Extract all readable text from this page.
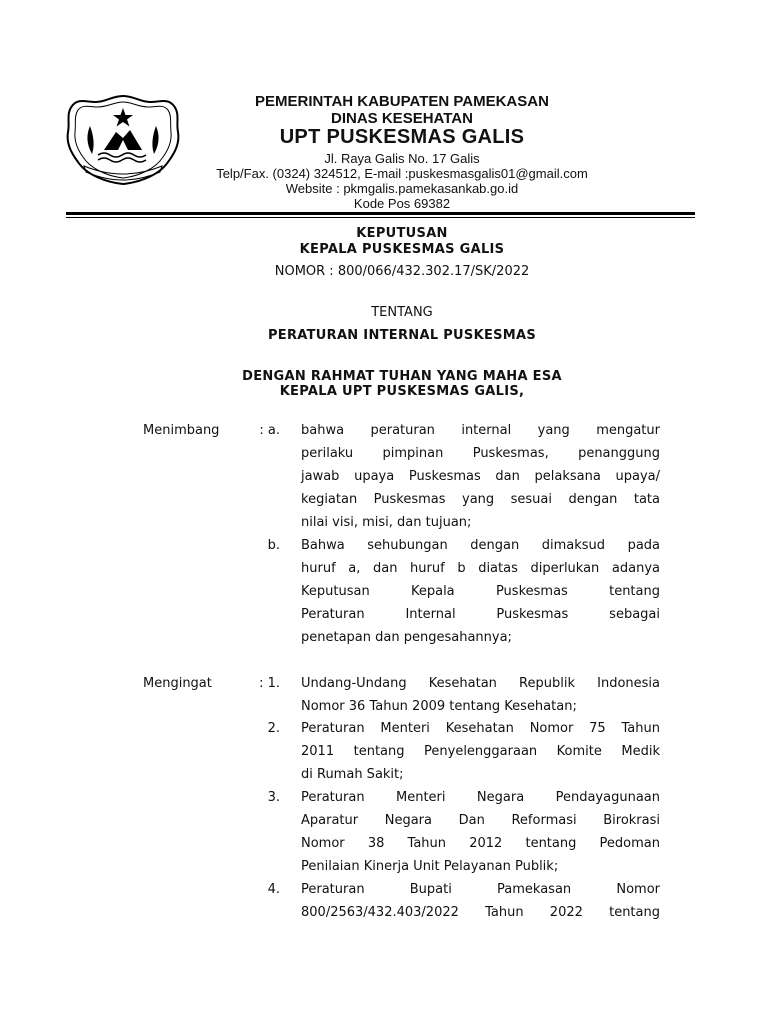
PEMERINTAH KABUPATEN PAMEKASAN
DINAS KESEHATAN
UPT PUSKESMAS GALIS
Jl. Raya Galis No. 17 Galis
Telp/Fax. (0324) 324512, E-mail :puskesmasgalis01@gmail.com
Website : pkmgalis.pamekasankab.go.id
Kode Pos 69382
KEPUTUSAN
KEPALA PUSKESMAS GALIS
NOMOR : 800/066/432.302.17/SK/2022
TENTANG
PERATURAN INTERNAL PUSKESMAS
DENGAN RAHMAT TUHAN YANG MAHA ESA
KEPALA UPT PUSKESMAS GALIS,
Menimbang	: a. bahwa peraturan internal yang mengatur
perilaku pimpinan Puskesmas, penanggung
jawab upaya Puskesmas dan pelaksana upaya/
kegiatan Puskesmas yang sesuai dengan tata
nilai visi, misi, dan tujuan;
b. Bahwa sehubungan dengan dimaksud pada
huruf a, dan huruf b diatas diperlukan adanya
Keputusan Kepala Puskesmas tentang
Peraturan Internal Puskesmas sebagai
penetapan dan pengesahannya;
Mengingat	: 1. Undang-Undang Kesehatan Republik Indonesia
Nomor 36 Tahun 2009 tentang Kesehatan;
2. Peraturan Menteri Kesehatan Nomor 75 Tahun
2011 tentang Penyelenggaraan Komite Medik
di Rumah Sakit;
3. Peraturan Menteri Negara Pendayagunaan
Aparatur Negara Dan Reformasi Birokrasi
Nomor 38 Tahun 2012 tentang Pedoman
Penilaian Kinerja Unit Pelayanan Publik;
4. Peraturan Bupati Pamekasan Nomor
800/2563/432.403/2022 Tahun 2022 tentang
